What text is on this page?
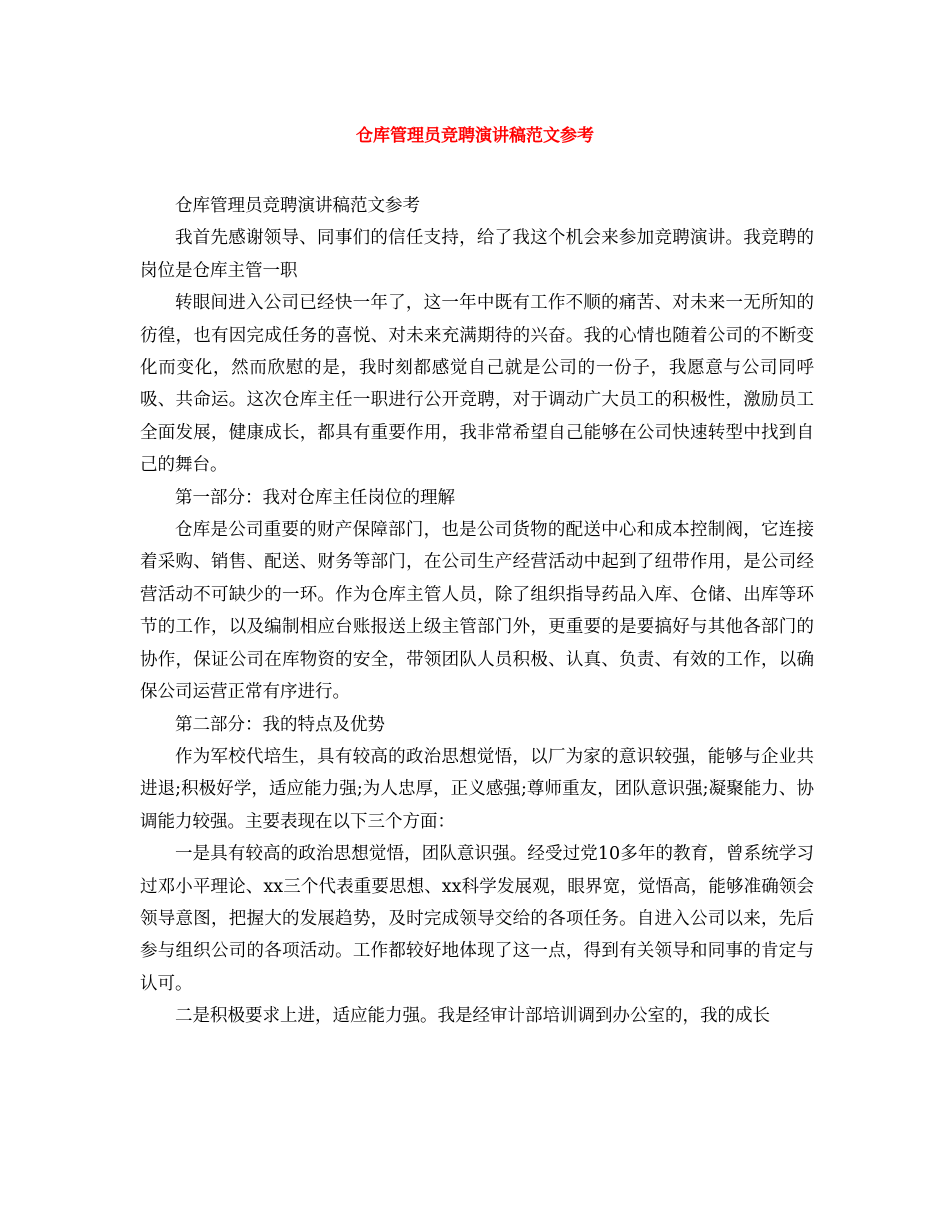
仓库管理员竞聘演讲稿范文参考

仓库管理员竞聘演讲稿范文参考

我首先感谢领导、同事们的信任支持，给了我这个机会来参加竞聘演讲。我竞聘的岗位是仓库主管一职

转眼间进入公司已经快一年了，这一年中既有工作不顺的痛苦、对未来一无所知的彷徨，也有因完成任务的喜悦、对未来充满期待的兴奋。我的心情也随着公司的不断变化而变化，然而欣慰的是，我时刻都感觉自己就是公司的一份子，我愿意与公司同呼吸、共命运。这次仓库主任一职进行公开竞聘，对于调动广大员工的积极性，激励员工全面发展，健康成长，都具有重要作用，我非常希望自己能够在公司快速转型中找到自己的舞台。

第一部分：我对仓库主任岗位的理解

仓库是公司重要的财产保障部门，也是公司货物的配送中心和成本控制阀，它连接着采购、销售、配送、财务等部门，在公司生产经营活动中起到了纽带作用，是公司经营活动不可缺少的一环。作为仓库主管人员，除了组织指导药品入库、仓储、出库等环节的工作，以及编制相应台账报送上级主管部门外，更重要的是要搞好与其他各部门的协作，保证公司在库物资的安全，带领团队人员积极、认真、负责、有效的工作，以确保公司运营正常有序进行。

第二部分：我的特点及优势

作为军校代培生，具有较高的政治思想觉悟，以厂为家的意识较强，能够与企业共进退;积极好学，适应能力强;为人忠厚，正义感强;尊师重友，团队意识强;凝聚能力、协调能力较强。主要表现在以下三个方面：

一是具有较高的政治思想觉悟，团队意识强。经受过党10多年的教育，曾系统学习过邓小平理论、xx三个代表重要思想、xx科学发展观，眼界宽，觉悟高，能够准确领会领导意图，把握大的发展趋势，及时完成领导交给的各项任务。自进入公司以来，先后参与组织公司的各项活动。工作都较好地体现了这一点，得到有关领导和同事的肯定与认可。

二是积极要求上进，适应能力强。我是经审计部培训调到办公室的，我的成长
